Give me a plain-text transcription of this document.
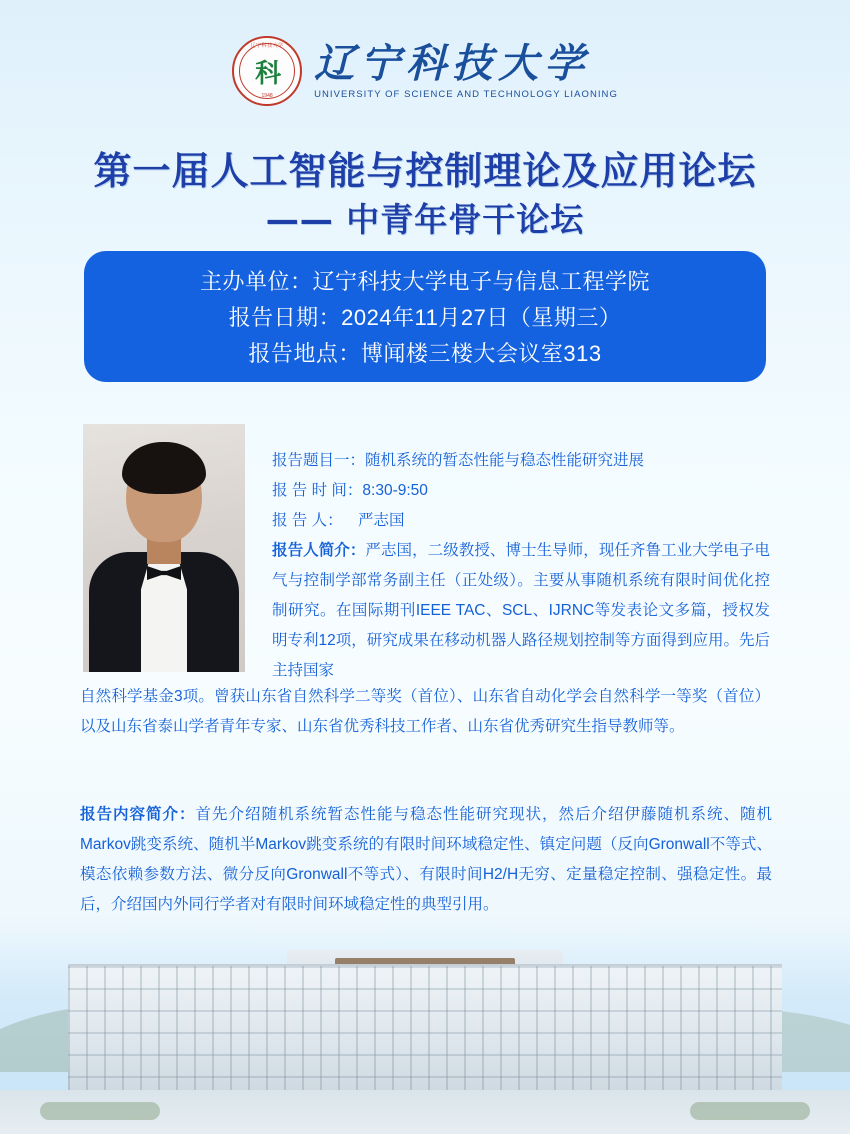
辽宁科技大学
科
1948
辽宁科技大学
UNIVERSITY OF SCIENCE AND TECHNOLOGY LIAONING
第一届人工智能与控制理论及应用论坛
—— 中青年骨干论坛
主办单位：辽宁科技大学电子与信息工程学院
报告日期：2024年11月27日（星期三）
报告地点：博闻楼三楼大会议室313
报告题目一：随机系统的暂态性能与稳态性能研究进展
报 告 时 间：8:30-9:50
报 告 人： 严志国
报告人简介：严志国，二级教授、博士生导师，现任齐鲁工业大学电子电气与控制学部常务副主任（正处级）。主要从事随机系统有限时间优化控制研究。在国际期刊IEEE TAC、SCL、IJRNC等发表论文多篇，授权发明专利12项，研究成果在移动机器人路径规划控制等方面得到应用。先后主持国家
自然科学基金3项。曾获山东省自然科学二等奖（首位）、山东省自动化学会自然科学一等奖（首位）以及山东省泰山学者青年专家、山东省优秀科技工作者、山东省优秀研究生指导教师等。
报告内容简介：首先介绍随机系统暂态性能与稳态性能研究现状，然后介绍伊藤随机系统、随机Markov跳变系统、随机半Markov跳变系统的有限时间环域稳定性、镇定问题（反向Gronwall不等式、模态依赖参数方法、微分反向Gronwall不等式）、有限时间H2/H无穷、定量稳定控制、强稳定性。最后，介绍国内外同行学者对有限时间环域稳定性的典型引用。
